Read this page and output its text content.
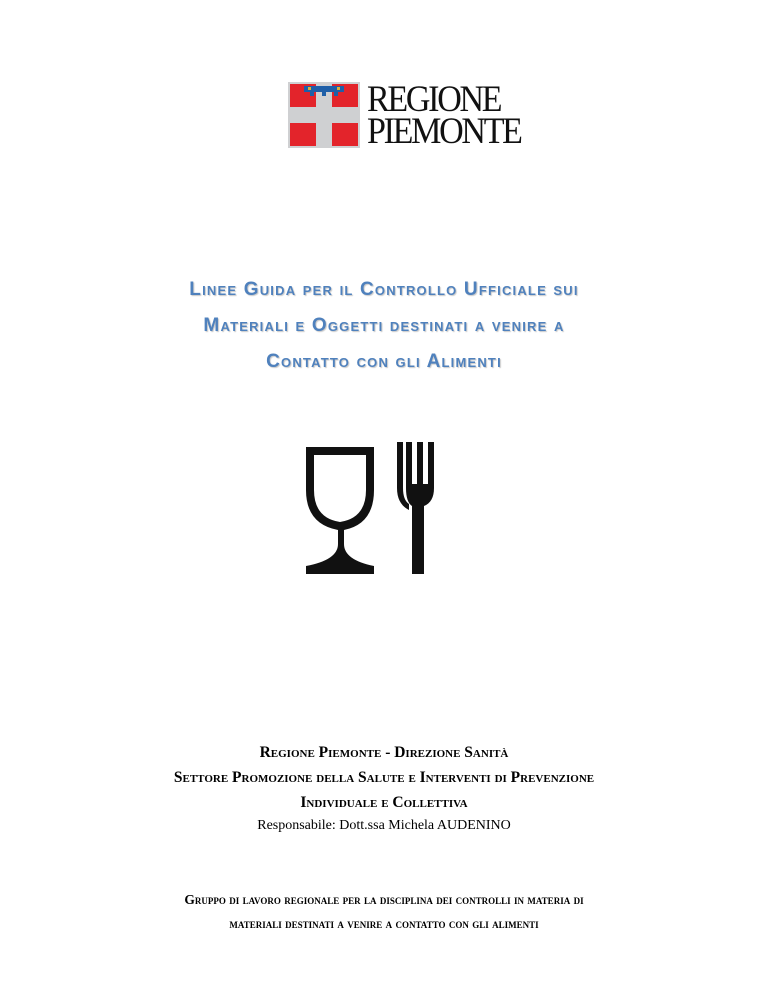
REGIONE
PIEMONTE
Linee Guida per il Controllo Ufficiale sui
Materiali e Oggetti destinati a venire a
Contatto con gli Alimenti
Regione Piemonte - Direzione Sanità
Settore Promozione della Salute e Interventi di Prevenzione
Individuale e Collettiva
Responsabile: Dott.ssa Michela AUDENINO
Gruppo di lavoro regionale per la disciplina dei controlli in materia di
materiali destinati a venire a contatto con gli alimenti
